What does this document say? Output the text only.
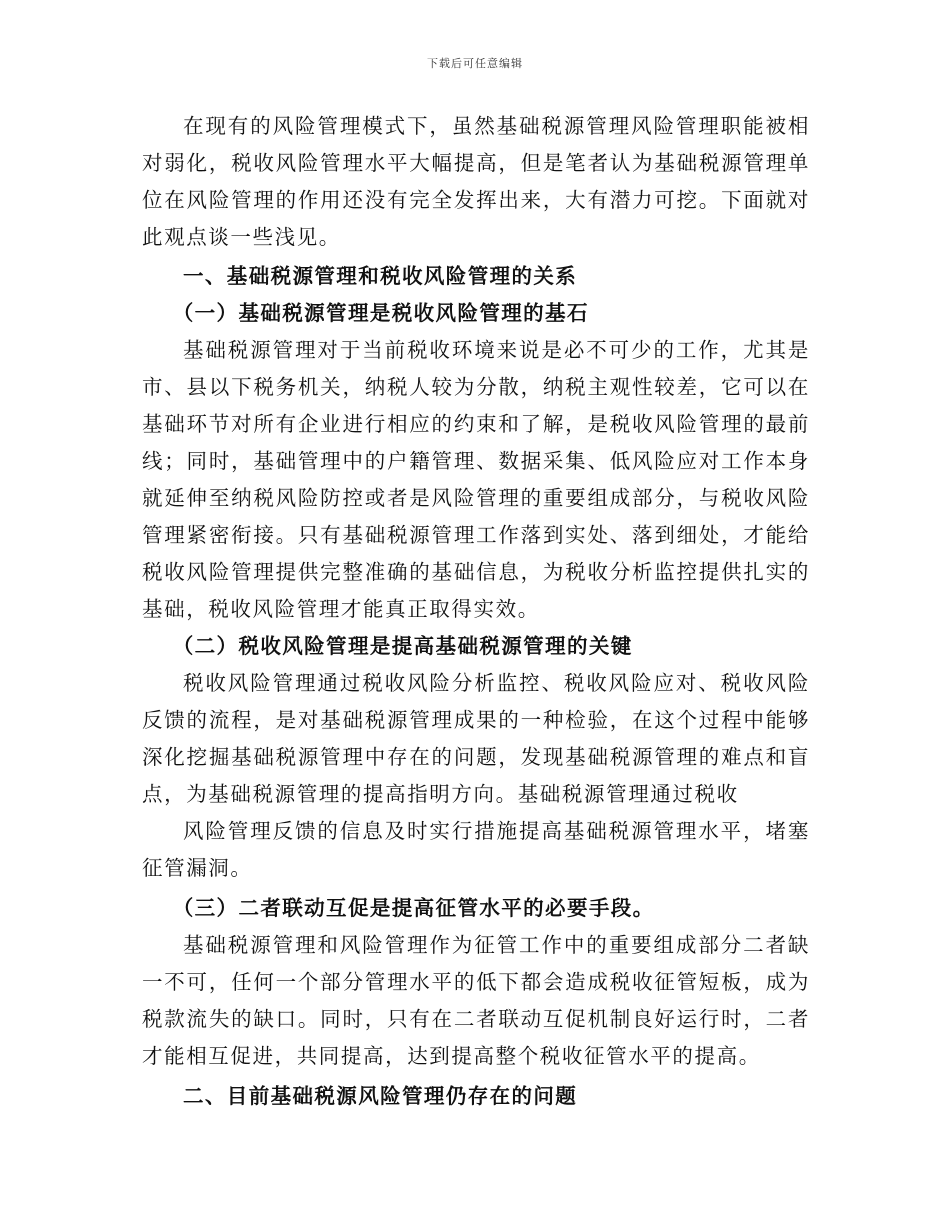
下载后可任意编辑

在现有的风险管理模式下，虽然基础税源管理风险管理职能被相对弱化，税收风险管理水平大幅提高，但是笔者认为基础税源管理单位在风险管理的作用还没有完全发挥出来，大有潜力可挖。下面就对此观点谈一些浅见。

一、基础税源管理和税收风险管理的关系
（一）基础税源管理是税收风险管理的基石

基础税源管理对于当前税收环境来说是必不可少的工作，尤其是市、县以下税务机关，纳税人较为分散，纳税主观性较差，它可以在基础环节对所有企业进行相应的约束和了解，是税收风险管理的最前线；同时，基础管理中的户籍管理、数据采集、低风险应对工作本身就延伸至纳税风险防控或者是风险管理的重要组成部分，与税收风险管理紧密衔接。只有基础税源管理工作落到实处、落到细处，才能给税收风险管理提供完整准确的基础信息，为税收分析监控提供扎实的基础，税收风险管理才能真正取得实效。

（二）税收风险管理是提高基础税源管理的关键

税收风险管理通过税收风险分析监控、税收风险应对、税收风险反馈的流程，是对基础税源管理成果的一种检验，在这个过程中能够深化挖掘基础税源管理中存在的问题，发现基础税源管理的难点和盲点，为基础税源管理的提高指明方向。基础税源管理通过税收

风险管理反馈的信息及时实行措施提高基础税源管理水平，堵塞征管漏洞。

（三）二者联动互促是提高征管水平的必要手段。

基础税源管理和风险管理作为征管工作中的重要组成部分二者缺一不可，任何一个部分管理水平的低下都会造成税收征管短板，成为税款流失的缺口。同时，只有在二者联动互促机制良好运行时，二者才能相互促进，共同提高，达到提高整个税收征管水平的提高。

二、目前基础税源风险管理仍存在的问题
